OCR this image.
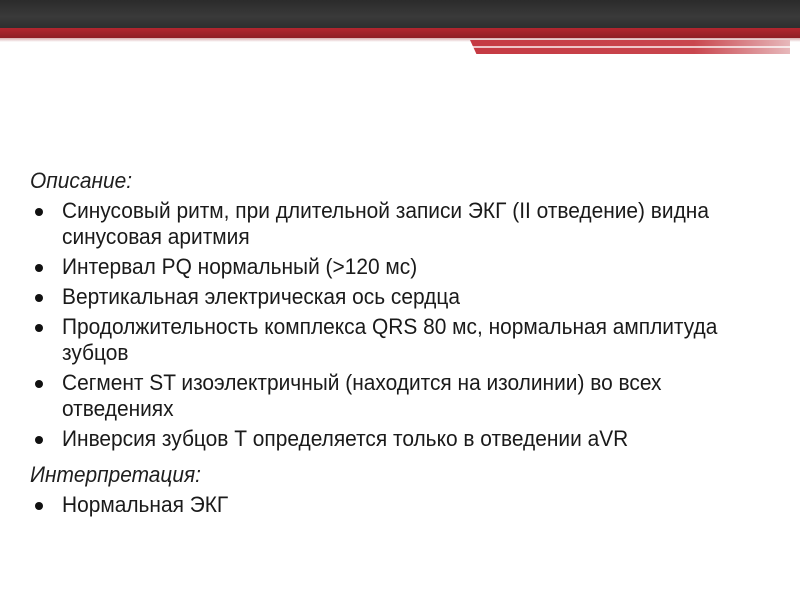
Описание:

Синусовый ритм, при длительной записи ЭКГ (II отведение) видна
синусовая аритмия
Интервал PQ нормальный (>120 мс)
Вертикальная электрическая ось сердца
Продолжительность комплекса QRS 80 мс, нормальная амплитуда
зубцов
Сегмент ST изоэлектричный (находится на изолинии) во всех
отведениях
Инверсия зубцов Т определяется только в отведении aVR

Интерпретация:

Нормальная ЭКГ
